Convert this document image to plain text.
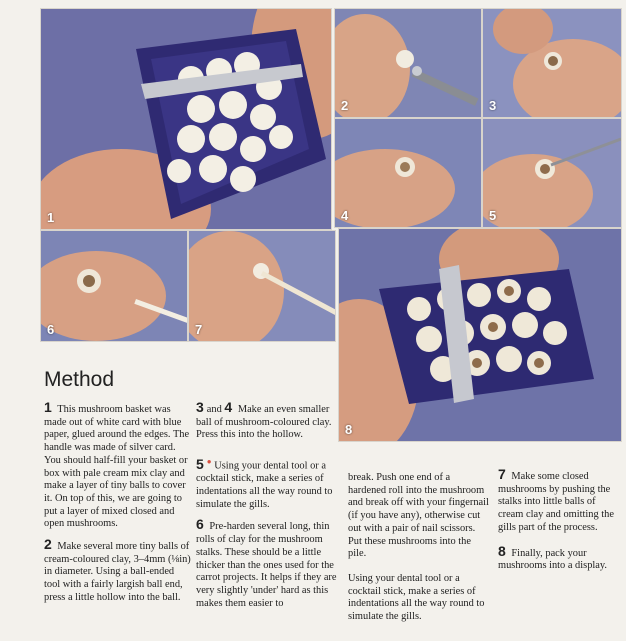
1
2	3
4	5
6	7
8
Method

1 This mushroom basket was made out of white card with blue paper, glued around the edges. The handle was made of silver card. You should half-fill your basket or box with pale cream mix clay and make a layer of tiny balls to cover it. On top of this, we are going to put a layer of mixed closed and open mushrooms.

2 Make several more tiny balls of cream-coloured clay, 3–4mm (⅛in) in diameter. Using a ball-ended tool with a fairly largish ball end, press a little hollow into the ball.

3 and 4 Make an even smaller ball of mushroom-coloured clay. Press this into the hollow.

5 ● Using your dental tool or a cocktail stick, make a series of indentations all the way round to simulate the gills.

6 Pre-harden several long, thin rolls of clay for the mushroom stalks. These should be a little thicker than the ones used for the carrot projects. It helps if they are very slightly 'under' hard as this makes them easier to

break. Push one end of a hardened roll into the mushroom and break off with your fingernail (if you have any), otherwise cut out with a pair of nail scissors. Put these mushrooms into the pile.

Using your dental tool or a cocktail stick, make a series of indentations all the way round to simulate the gills.

7 Make some closed mushrooms by pushing the stalks into little balls of cream clay and omitting the gills part of the process.

8 Finally, pack your mushrooms into a display.
